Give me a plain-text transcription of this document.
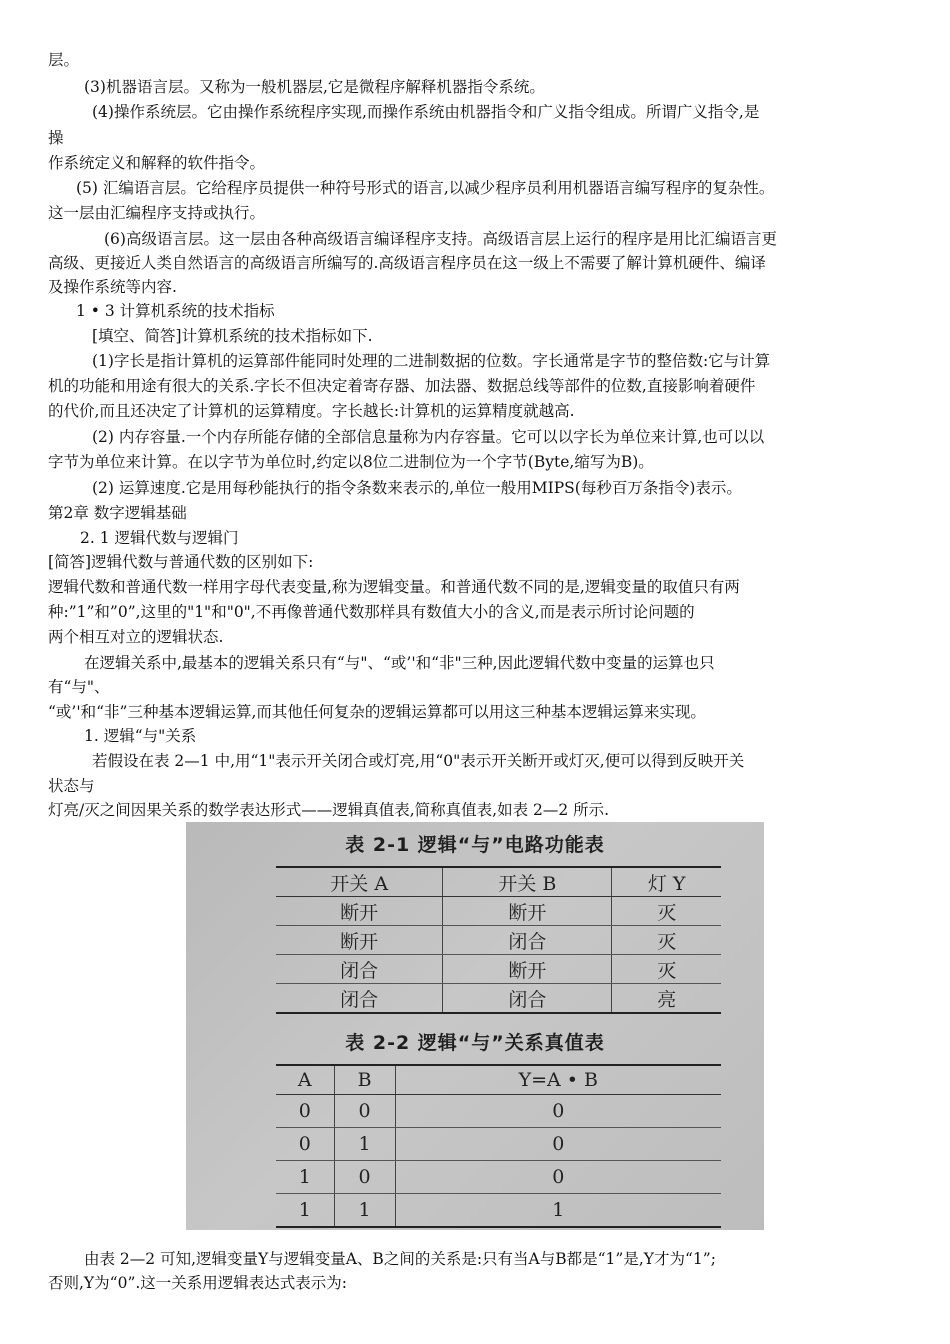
层。
(3)机器语言层。又称为一般机器层,它是微程序解释机器指令系统。
(4)操作系统层。它由操作系统程序实现,而操作系统由机器指令和广义指令组成。所谓广义指令,是
操
作系统定义和解释的软件指令。
(5) 汇编语言层。它给程序员提供一种符号形式的语言,以减少程序员利用机器语言编写程序的复杂性。
这一层由汇编程序支持或执行。
(6)高级语言层。这一层由各种高级语言编译程序支持。高级语言层上运行的程序是用比汇编语言更
高级、更接近人类自然语言的高级语言所编写的.高级语言程序员在这一级上不需要了解计算机硬件、编译
及操作系统等内容.
1 • 3 计算机系统的技术指标
[填空、简答]计算机系统的技术指标如下.
(1)字长是指计算机的运算部件能同时处理的二进制数据的位数。字长通常是字节的整倍数:它与计算
机的功能和用途有很大的关系.字长不但决定着寄存器、加法器、数据总线等部件的位数,直接影响着硬件
的代价,而且还决定了计算机的运算精度。字长越长:计算机的运算精度就越高.
(2) 内存容量.一个内存所能存储的全部信息量称为内存容量。它可以以字长为单位来计算,也可以以
字节为单位来计算。在以字节为单位时,约定以8位二进制位为一个字节(Byte,缩写为B)。
(2) 运算速度.它是用每秒能执行的指令条数来表示的,单位一般用MIPS(每秒百万条指令)表示。
第2章 数字逻辑基础
2. 1 逻辑代数与逻辑门
[简答]逻辑代数与普通代数的区别如下:
逻辑代数和普通代数一样用字母代表变量,称为逻辑变量。和普通代数不同的是,逻辑变量的取值只有两
种:”1”和”0”,这里的"1"和"0",不再像普通代数那样具有数值大小的含义,而是表示所讨论问题的
两个相互对立的逻辑状态.
在逻辑关系中,最基本的逻辑关系只有“与"、“或’'和“非"三种,因此逻辑代数中变量的运算也只
有“与"、
“或’'和“非”三种基本逻辑运算,而其他任何复杂的逻辑运算都可以用这三种基本逻辑运算来实现。
1. 逻辑“与"关系
若假设在表 2—1 中,用“1"表示开关闭合或灯亮,用“0"表示开关断开或灯灭,便可以得到反映开关
状态与
灯亮/灭之间因果关系的数学表达形式——逻辑真值表,简称真值表,如表 2—2 所示.
表 2-1 逻辑“与”电路功能表
开关 A	开关 B	灯 Y
断开	断开	灭
断开	闭合	灭
闭合	断开	灭
闭合	闭合	亮
表 2-2 逻辑“与”关系真值表
A	B	Y=A • B
0	0	0
0	1	0
1	0	0
1	1	1
由表 2—2 可知,逻辑变量Y与逻辑变量A、B之间的关系是:只有当A与B都是“1”是,Y才为“1”;
否则,Y为“0”.这一关系用逻辑表达式表示为:
